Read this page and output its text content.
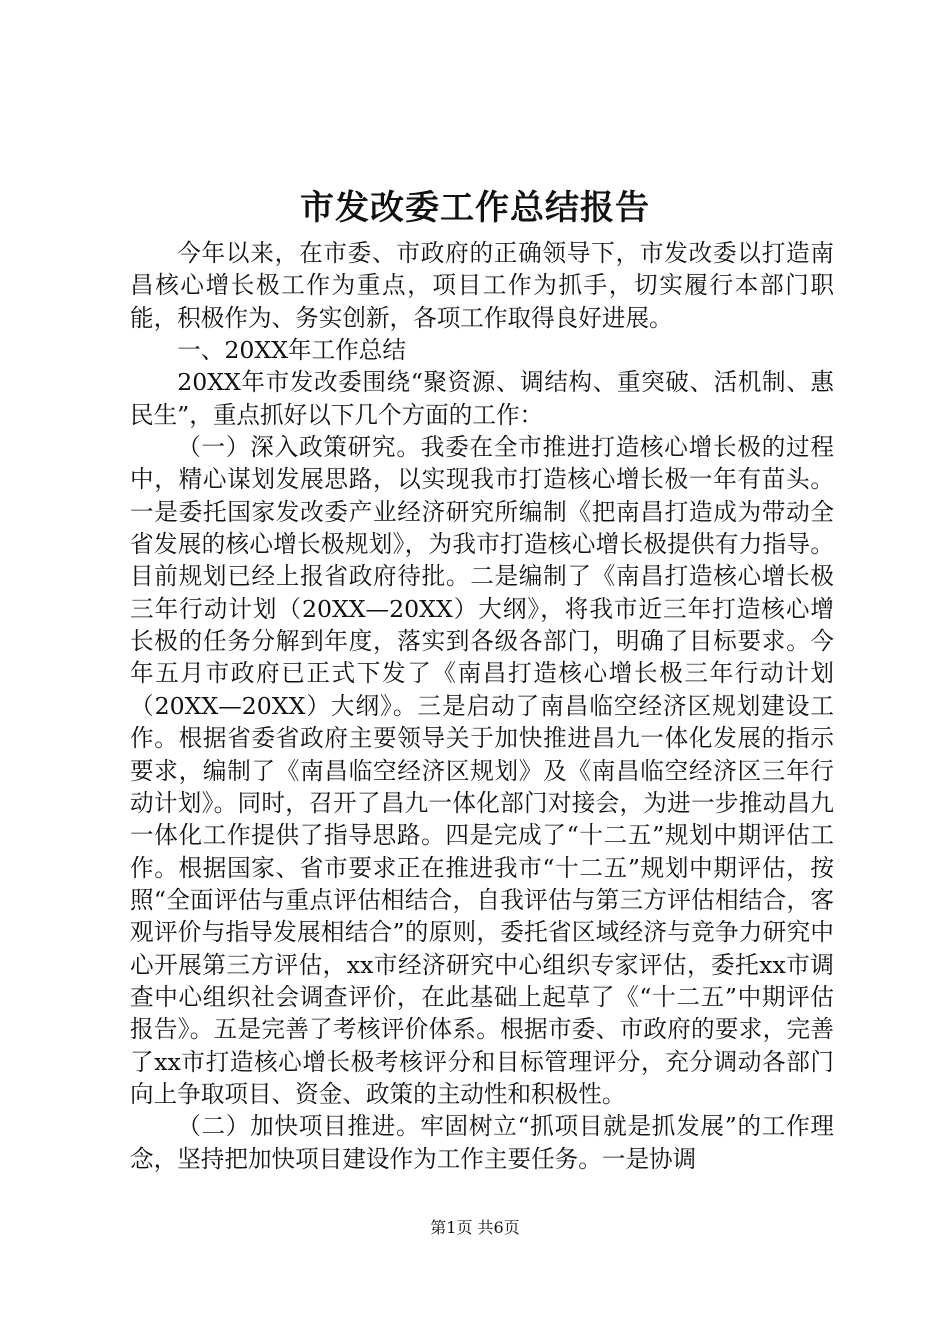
市发改委工作总结报告

今年以来，在市委、市政府的正确领导下，市发改委以打造南昌核心增长极工作为重点，项目工作为抓手，切实履行本部门职能，积极作为、务实创新，各项工作取得良好进展。

一、20XX年工作总结

20XX年市发改委围绕“聚资源、调结构、重突破、活机制、惠民生”，重点抓好以下几个方面的工作：

（一）深入政策研究。我委在全市推进打造核心增长极的过程中，精心谋划发展思路，以实现我市打造核心增长极一年有苗头。一是委托国家发改委产业经济研究所编制《把南昌打造成为带动全省发展的核心增长极规划》，为我市打造核心增长极提供有力指导。目前规划已经上报省政府待批。二是编制了《南昌打造核心增长极三年行动计划（20XX—20XX）大纲》，将我市近三年打造核心增长极的任务分解到年度，落实到各级各部门，明确了目标要求。今年五月市政府已正式下发了《南昌打造核心增长极三年行动计划（20XX—20XX）大纲》。三是启动了南昌临空经济区规划建设工作。根据省委省政府主要领导关于加快推进昌九一体化发展的指示要求，编制了《南昌临空经济区规划》及《南昌临空经济区三年行动计划》。同时，召开了昌九一体化部门对接会，为进一步推动昌九一体化工作提供了指导思路。四是完成了“十二五”规划中期评估工作。根据国家、省市要求正在推进我市“十二五”规划中期评估，按照“全面评估与重点评估相结合，自我评估与第三方评估相结合，客观评价与指导发展相结合”的原则，委托省区域经济与竞争力研究中心开展第三方评估，xx市经济研究中心组织专家评估，委托xx市调查中心组织社会调查评价，在此基础上起草了《“十二五”中期评估报告》。五是完善了考核评价体系。根据市委、市政府的要求，完善了xx市打造核心增长极考核评分和目标管理评分，充分调动各部门向上争取项目、资金、政策的主动性和积极性。

（二）加快项目推进。牢固树立“抓项目就是抓发展”的工作理念，坚持把加快项目建设作为工作主要任务。一是协调

第1页 共6页
